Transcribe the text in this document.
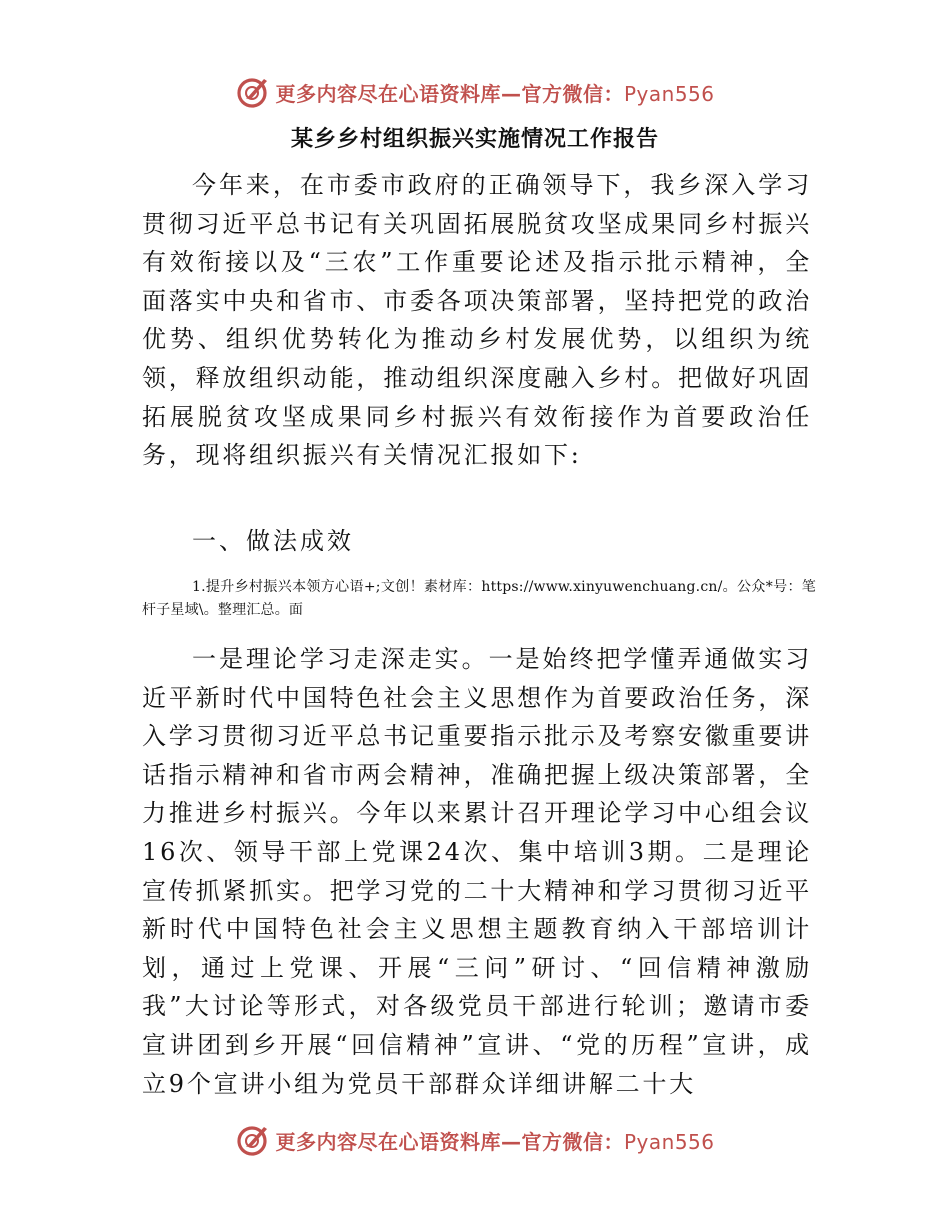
更多内容尽在心语资料库—官方微信：Pyan556
某乡乡村组织振兴实施情况工作报告

今年来，在市委市政府的正确领导下，我乡深入学习贯彻习近平总书记有关巩固拓展脱贫攻坚成果同乡村振兴有效衔接以及“三农”工作重要论述及指示批示精神，全面落实中央和省市、市委各项决策部署，坚持把党的政治优势、组织优势转化为推动乡村发展优势，以组织为统领，释放组织动能，推动组织深度融入乡村。把做好巩固拓展脱贫攻坚成果同乡村振兴有效衔接作为首要政治任务，现将组织振兴有关情况汇报如下:

一、做法成效

1.提升乡村振兴本领方心语+;文创！素材库：https://www.xinyuwenchuang.cn/。公众*号：笔杆子星域\。整理汇总。面

一是理论学习走深走实。一是始终把学懂弄通做实习近平新时代中国特色社会主义思想作为首要政治任务，深入学习贯彻习近平总书记重要指示批示及考察安徽重要讲话指示精神和省市两会精神，准确把握上级决策部署，全力推进乡村振兴。今年以来累计召开理论学习中心组会议16次、领导干部上党课24次、集中培训3期。二是理论宣传抓紧抓实。把学习党的二十大精神和学习贯彻习近平新时代中国特色社会主义思想主题教育纳入干部培训计划，通过上党课、开展“三问”研讨、“回信精神激励我”大讨论等形式，对各级党员干部进行轮训；邀请市委宣讲团到乡开展“回信精神”宣讲、“党的历程”宣讲，成立9个宣讲小组为党员干部群众详细讲解二十大

更多内容尽在心语资料库—官方微信：Pyan556
